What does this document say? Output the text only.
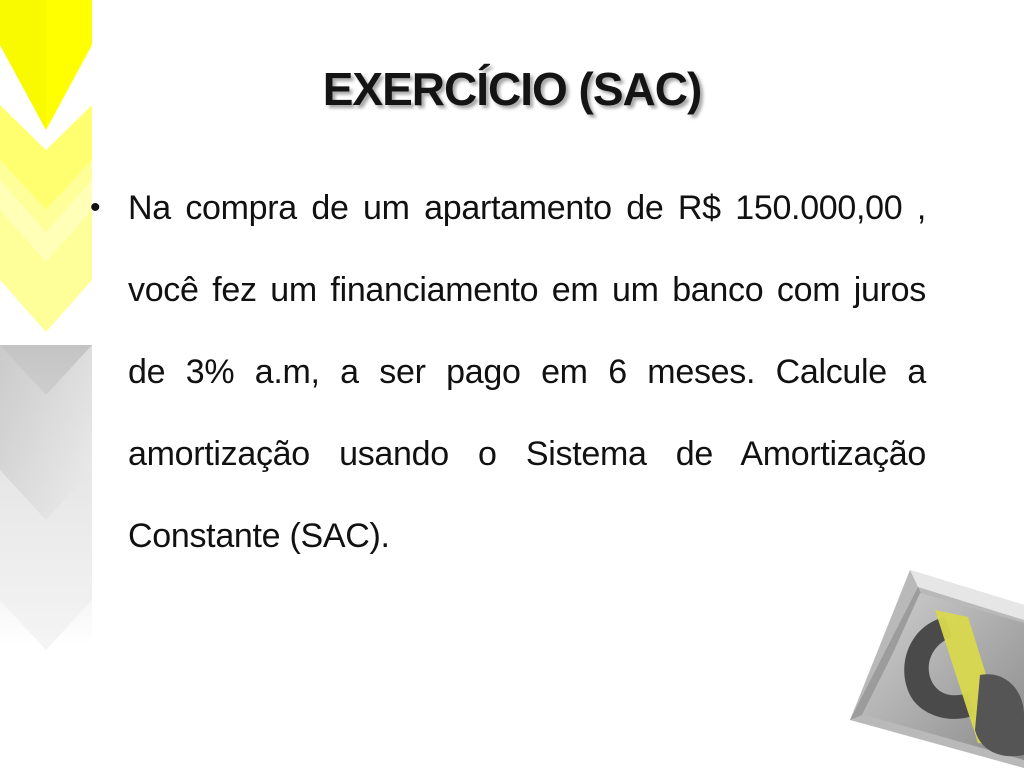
EXERCÍCIO (SAC)
• Na compra de um apartamento de R$ 150.000,00 , você fez um financiamento em um banco com juros de 3% a.m, a ser pago em 6 meses. Calcule a amortização usando o Sistema de Amortização Constante (SAC).
